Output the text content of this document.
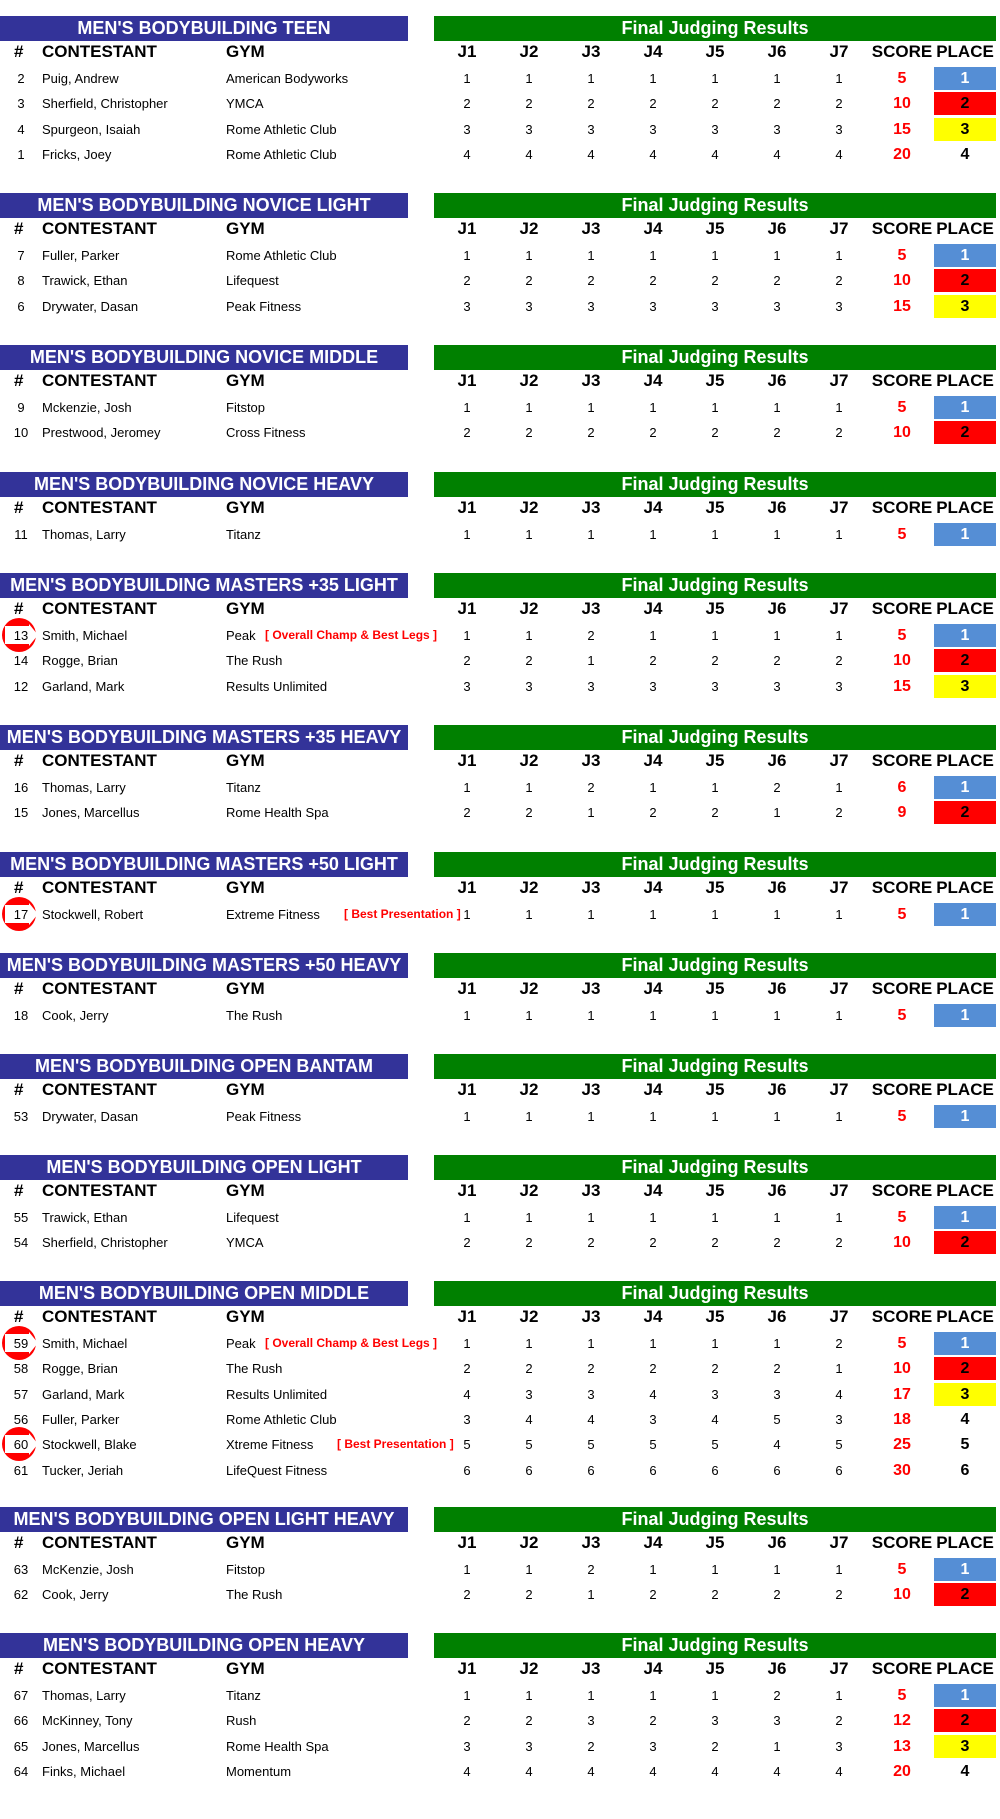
MEN'S BODYBUILDING TEEN	Final Judging Results
#	CONTESTANT	GYM	J1	J2	J3	J4	J5	J6	J7	SCORE PLACE
2	Puig, Andrew	American Bodyworks	1	1	1	1	1	1	1	5	1
3	Sherfield, Christopher	YMCA	2	2	2	2	2	2	2	10	2
4	Spurgeon, Isaiah	Rome Athletic Club	3	3	3	3	3	3	3	15	3
1	Fricks, Joey	Rome Athletic Club	4	4	4	4	4	4	4	20	4
MEN'S BODYBUILDING NOVICE LIGHT	Final Judging Results
#	CONTESTANT	GYM	J1	J2	J3	J4	J5	J6	J7	SCORE PLACE
7	Fuller, Parker	Rome Athletic Club	1	1	1	1	1	1	1	5	1
8	Trawick, Ethan	Lifequest	2	2	2	2	2	2	2	10	2
6	Drywater, Dasan	Peak Fitness	3	3	3	3	3	3	3	15	3
MEN'S BODYBUILDING NOVICE MIDDLE	Final Judging Results
#	CONTESTANT	GYM	J1	J2	J3	J4	J5	J6	J7	SCORE PLACE
9	Mckenzie, Josh	Fitstop	1	1	1	1	1	1	1	5	1
10	Prestwood, Jeromey	Cross Fitness	2	2	2	2	2	2	2	10	2
MEN'S BODYBUILDING NOVICE HEAVY	Final Judging Results
#	CONTESTANT	GYM	J1	J2	J3	J4	J5	J6	J7	SCORE PLACE
11	Thomas, Larry	Titanz	1	1	1	1	1	1	1	5	1
MEN'S BODYBUILDING MASTERS +35 LIGHT	Final Judging Results
#	CONTESTANT	GYM	J1	J2	J3	J4	J5	J6	J7	SCORE PLACE
13	Smith, Michael	Peak [ Overall Champ & Best Legs ]	1	1	2	1	1	1	1	5	1
14	Rogge, Brian	The Rush	2	2	1	2	2	2	2	10	2
12	Garland, Mark	Results Unlimited	3	3	3	3	3	3	3	15	3
MEN'S BODYBUILDING MASTERS +35 HEAVY	Final Judging Results
#	CONTESTANT	GYM	J1	J2	J3	J4	J5	J6	J7	SCORE PLACE
16	Thomas, Larry	Titanz	1	1	2	1	1	2	1	6	1
15	Jones, Marcellus	Rome Health Spa	2	2	1	2	2	1	2	9	2
MEN'S BODYBUILDING MASTERS +50 LIGHT	Final Judging Results
#	CONTESTANT	GYM	J1	J2	J3	J4	J5	J6	J7	SCORE PLACE
17	Stockwell, Robert	Extreme Fitness	[ Best Presentation ] 1	1	1	1	1	1	1	5	1
MEN'S BODYBUILDING MASTERS +50 HEAVY	Final Judging Results
#	CONTESTANT	GYM	J1	J2	J3	J4	J5	J6	J7	SCORE PLACE
18	Cook, Jerry	The Rush	1	1	1	1	1	1	1	5	1
MEN'S BODYBUILDING OPEN BANTAM	Final Judging Results
#	CONTESTANT	GYM	J1	J2	J3	J4	J5	J6	J7	SCORE PLACE
53	Drywater, Dasan	Peak Fitness	1	1	1	1	1	1	1	5	1
MEN'S BODYBUILDING OPEN LIGHT	Final Judging Results
#	CONTESTANT	GYM	J1	J2	J3	J4	J5	J6	J7	SCORE PLACE
55	Trawick, Ethan	Lifequest	1	1	1	1	1	1	1	5	1
54	Sherfield, Christopher	YMCA	2	2	2	2	2	2	2	10	2
MEN'S BODYBUILDING OPEN MIDDLE	Final Judging Results
#	CONTESTANT	GYM	J1	J2	J3	J4	J5	J6	J7	SCORE PLACE
59	Smith, Michael	Peak [ Overall Champ & Best Legs ]	1	1	1	1	1	1	2	5	1
58	Rogge, Brian	The Rush	2	2	2	2	2	2	1	10	2
57	Garland, Mark	Results Unlimited	4	3	3	4	3	3	4	17	3
56	Fuller, Parker	Rome Athletic Club	3	4	4	3	4	5	3	18	4
60	Stockwell, Blake	Xtreme Fitness	[ Best Presentation ] 5	5	5	5	5	4	5	25	5
61	Tucker, Jeriah	LifeQuest Fitness	6	6	6	6	6	6	6	30	6
MEN'S BODYBUILDING OPEN LIGHT HEAVY	Final Judging Results
#	CONTESTANT	GYM	J1	J2	J3	J4	J5	J6	J7	SCORE PLACE
63	McKenzie, Josh	Fitstop	1	1	2	1	1	1	1	5	1
62	Cook, Jerry	The Rush	2	2	1	2	2	2	2	10	2
MEN'S BODYBUILDING OPEN HEAVY	Final Judging Results
#	CONTESTANT	GYM	J1	J2	J3	J4	J5	J6	J7	SCORE PLACE
67	Thomas, Larry	Titanz	1	1	1	1	1	2	1	5	1
66	McKinney, Tony	Rush	2	2	3	2	3	3	2	12	2
65	Jones, Marcellus	Rome Health Spa	3	3	2	3	2	1	3	13	3
64	Finks, Michael	Momentum	4	4	4	4	4	4	4	20	4
